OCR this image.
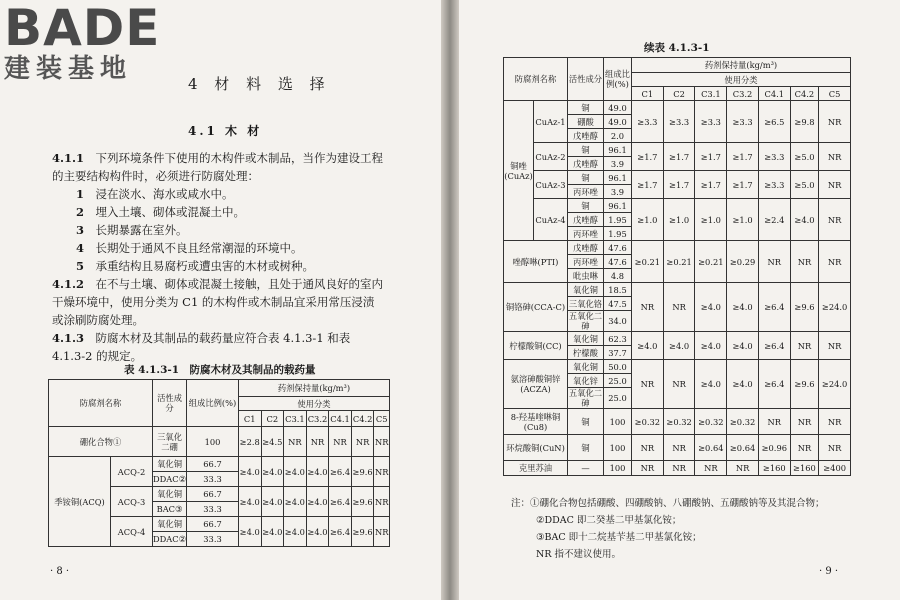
BADE
建装基地	4 材 料 选 择
4.1 木 材
4.1.1　 下列环境条件下使用的木构件或木制品，当作为建设工程
的主要结构构件时，必须进行防腐处理：
1　 浸在淡水、海水或咸水中。
2　 埋入土壤、砌体或混凝土中。
3　 长期暴露在室外。
4　 长期处于通风不良且经常潮湿的环境中。
5　 承重结构且易腐朽或遭虫害的木材或树种。
4.1.2　 在不与土壤、砌体或混凝土接触，且处于通风良好的室内
干燥环境中，使用分类为 C1 的木构件或木制品宜采用常压浸渍
或涂刷防腐处理。
4.1.3　 防腐木材及其制品的载药量应符合表 4.1.3-1 和表
4.1.3-2 的规定。
表 4.1.3-1　防腐木材及其制品的载药量
防腐剂名称		活性成分	组成比例(%)	药剂保持量(kg/m³)						
				使用分类						
				C1	C2	C3.1	C3.2	C4.1	C4.2	C5
硼化合物①		三氧化二硼	100	≥2.8	≥4.5	NR	NR	NR	NR	NR
季铵铜(ACQ)	ACQ-2	氧化铜	66.7	≥4.0	≥4.0	≥4.0	≥4.0	≥6.4	≥9.6	NR
		DDAC②	33.3							
	ACQ-3	氧化铜	66.7	≥4.0	≥4.0	≥4.0	≥4.0	≥6.4	≥9.6	NR
		BAC③	33.3							
	ACQ-4	氧化铜	66.7	≥4.0	≥4.0	≥4.0	≥4.0	≥6.4	≥9.6	NR
		DDAC②	33.3							
· 8 ·
续表 4.1.3-1
防腐剂名称		活性成分	组成比例(%)	药剂保持量(kg/m³)						
				使用分类						
				C1	C2	C3.1	C3.2	C4.1	C4.2	C5
铜唑(CuAz)	CuAz-1	铜	49.0	≥3.3	≥3.3	≥3.3	≥3.3	≥6.5	≥9.8	NR
		硼酸	49.0							
		戊唑醇	2.0							
	CuAz-2	铜	96.1	≥1.7	≥1.7	≥1.7	≥1.7	≥3.3	≥5.0	NR
		戊唑醇	3.9							
	CuAz-3	铜	96.1	≥1.7	≥1.7	≥1.7	≥1.7	≥3.3	≥5.0	NR
		丙环唑	3.9							
	CuAz-4	铜	96.1	≥1.0	≥1.0	≥1.0	≥1.0	≥2.4	≥4.0	NR
		戊唑醇	1.95							
		丙环唑	1.95							
唑醇啉(PTI)		戊唑醇	47.6	≥0.21	≥0.21	≥0.21	≥0.29	NR	NR	NR
		丙环唑	47.6							
		吡虫啉	4.8							
铜铬砷(CCA-C)		氧化铜	18.5	NR	NR	≥4.0	≥4.0	≥6.4	≥9.6	≥24.0
		三氧化铬	47.5							
		五氧化二砷	34.0							
柠檬酸铜(CC)		氧化铜	62.3	≥4.0	≥4.0	≥4.0	≥4.0	≥6.4	NR	NR
		柠檬酸	37.7							
氨溶砷酸铜锌(ACZA)		氧化铜	50.0	NR	NR	≥4.0	≥4.0	≥6.4	≥9.6	≥24.0
		氧化锌	25.0							
		五氧化二砷	25.0							
8-羟基喹啉铜(Cu8)		铜	100	≥0.32	≥0.32	≥0.32	≥0.32	NR	NR	NR
环烷酸铜(CuN)		铜	100	NR	NR	≥0.64	≥0.64	≥0.96	NR	NR
克里苏油		—	100	NR	NR	NR	NR	≥160	≥160	≥400
注：①硼化合物包括硼酸、四硼酸钠、八硼酸钠、五硼酸钠等及其混合物；
②DDAC 即二癸基二甲基氯化铵；
③BAC 即十二烷基苄基二甲基氯化铵；
NR 指不建议使用。
· 9 ·
